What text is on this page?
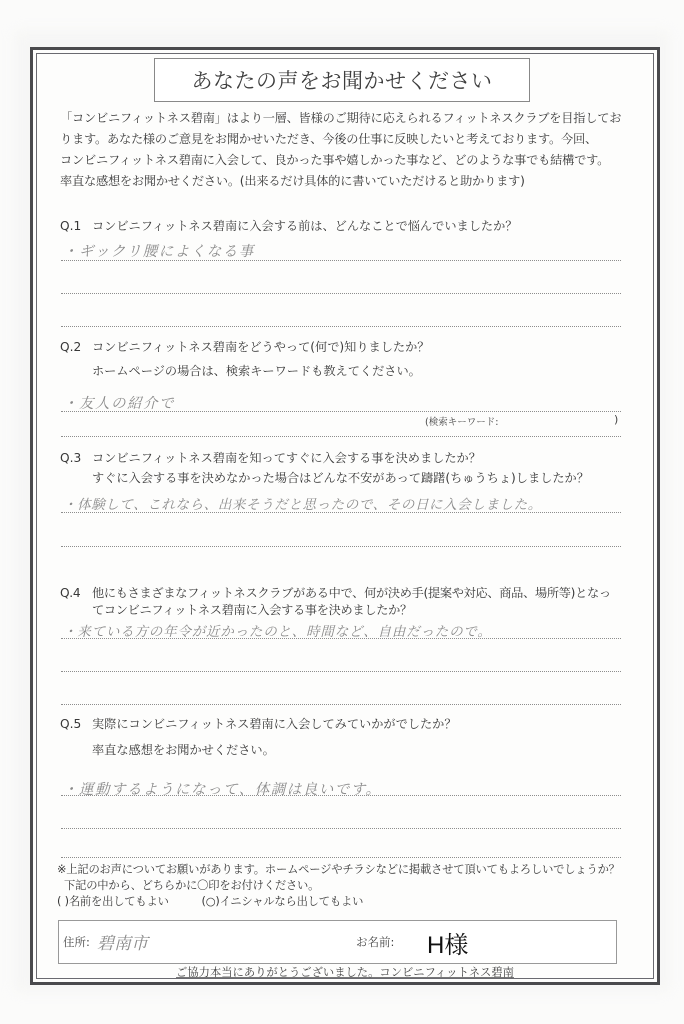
あなたの声をお聞かせください
「コンビニフィットネス碧南」はより一層、皆様のご期待に応えられるフィットネスクラブを目指してお
ります。あなた様のご意見をお聞かせいただき、今後の仕事に反映したいと考えております。今回、
コンビニフィットネス碧南に入会して、良かった事や嬉しかった事など、どのような事でも結構です。
率直な感想をお聞かせください。(出来るだけ具体的に書いていただけると助かります)
Q.1 コンビニフィットネス碧南に入会する前は、どんなことで悩んでいましたか？
・ギックリ腰によくなる事
Q.2 コンビニフィットネス碧南をどうやって(何で)知りましたか？
ホームページの場合は、検索キーワードも教えてください。
・友人の紹介で
(検索キーワード:	)
Q.3 コンビニフィットネス碧南を知ってすぐに入会する事を決めましたか？
すぐに入会する事を決めなかった場合はどんな不安があって躊躇(ちゅうちょ)しましたか？
・体験して、これなら、出来そうだと思ったので、その日に入会しました。
Q.4 他にもさまざまなフィットネスクラブがある中で、何が決め手(提案や対応、商品、場所等)となっ
てコンビニフィットネス碧南に入会する事を決めましたか？
・来ている方の年令が近かったのと、時間など、自由だったので。
Q.5 実際にコンビニフィットネス碧南に入会してみていかがでしたか？
率直な感想をお聞かせください。
・運動するようになって、体調は良いです。
※上記のお声についてお願いがあります。ホームページやチラシなどに掲載させて頂いてもよろしいでしょうか？
下記の中から、どちらかに〇印をお付けください。
( )名前を出してもよい	(○)イニシャルなら出してもよい
住所: 碧南市	お名前: H様
ご協力本当にありがとうございました。コンビニフィットネス碧南
